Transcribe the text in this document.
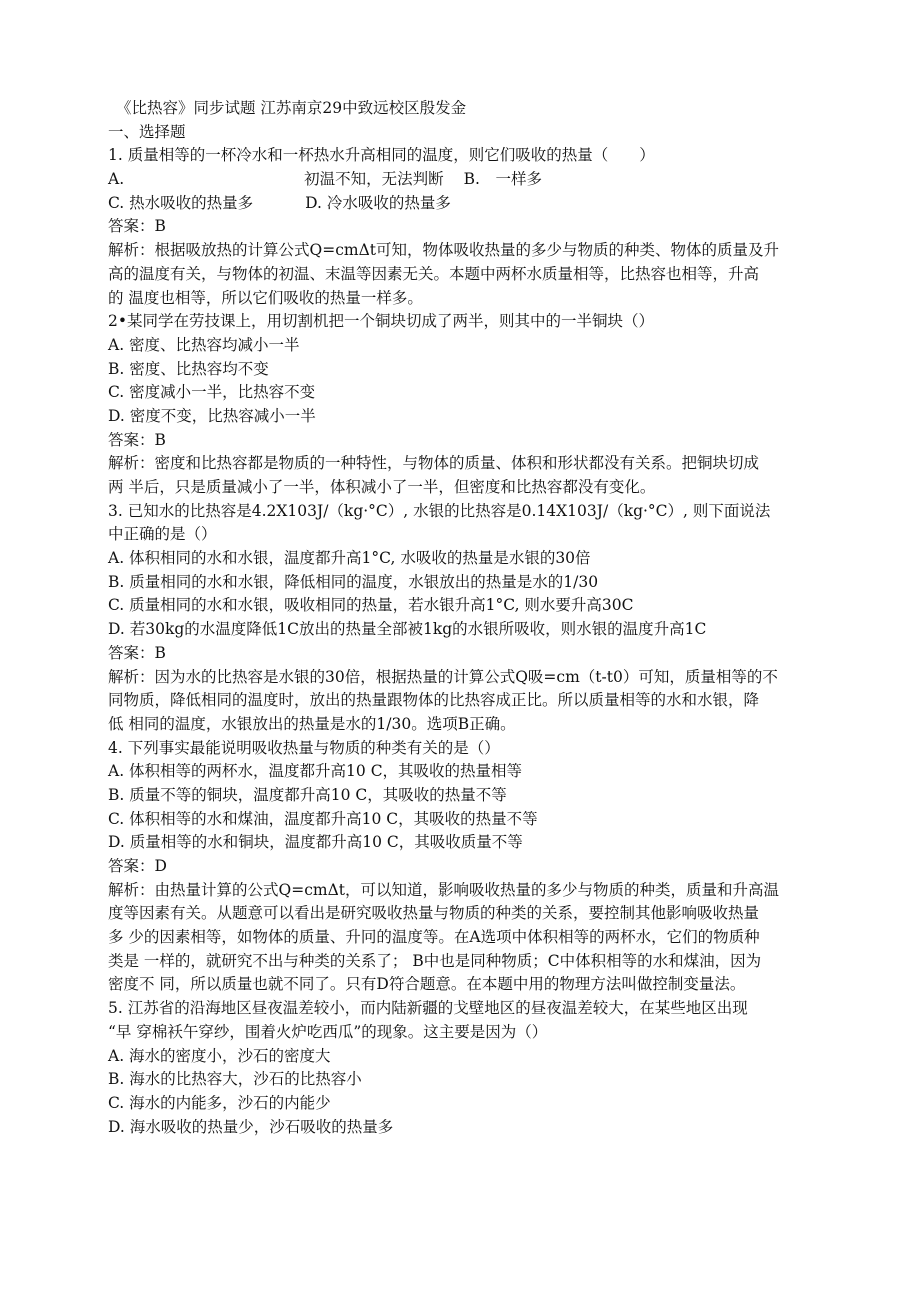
《比热容》同步试题 江苏南京29中致远校区殷发金
一、选择题
1. 质量相等的一杯冷水和一杯热水升高相同的温度，则它们吸收的热量（　　）
A.	初温不知，无法判断 B.　一样多
C. 热水吸收的热量多	D. 冷水吸收的热量多
答案：B
解析：根据吸放热的计算公式Q=cmΔt可知，物体吸收热量的多少与物质的种类、物体的质量及升
高的温度有关，与物体的初温、末温等因素无关。本题中两杯水质量相等，比热容也相等，升高
的 温度也相等，所以它们吸收的热量一样多。
2•某同学在劳技课上，用切割机把一个铜块切成了两半，则其中的一半铜块（）
A. 密度、比热容均减小一半
B. 密度、比热容均不变
C. 密度减小一半，比热容不变
D. 密度不变，比热容减小一半
答案：B
解析：密度和比热容都是物质的一种特性，与物体的质量、体积和形状都没有关系。把铜块切成
两 半后，只是质量减小了一半，体积减小了一半，但密度和比热容都没有变化。
3. 已知水的比热容是4.2X103J/（kg·°C）, 水银的比热容是0.14X103J/（kg·°C）, 则下面说法
中正确的是（）
A. 体积相同的水和水银，温度都升高1°C, 水吸收的热量是水银的30倍
B. 质量相同的水和水银，降低相同的温度，水银放出的热量是水的1/30
C. 质量相同的水和水银，吸收相同的热量，若水银升高1°C, 则水要升高30C
D. 若30kg的水温度降低1C放出的热量全部被1kg的水银所吸收，则水银的温度升高1C
答案：B
解析：因为水的比热容是水银的30倍，根据热量的计算公式Q吸=cm（t-t0）可知，质量相等的不
同物质，降低相同的温度时，放出的热量跟物体的比热容成正比。所以质量相等的水和水银，降
低 相同的温度，水银放出的热量是水的1/30。选项B正确。
4. 下列事实最能说明吸收热量与物质的种类有关的是（）
A. 体积相等的两杯水，温度都升高10 C，其吸收的热量相等
B. 质量不等的铜块，温度都升高10 C，其吸收的热量不等
C. 体积相等的水和煤油，温度都升高10 C，其吸收的热量不等
D. 质量相等的水和铜块，温度都升高10 C，其吸收质量不等
答案：D
解析：由热量计算的公式Q=cmΔt，可以知道，影响吸收热量的多少与物质的种类，质量和升高温
度等因素有关。从题意可以看出是研究吸收热量与物质的种类的关系，要控制其他影响吸收热量
多 少的因素相等，如物体的质量、升冋的温度等。在A选项中体积相等的两杯水，它们的物质种
类是 一样的，就研究不出与种类的关系了； B中也是同种物质；C中体积相等的水和煤油，因为
密度不 同，所以质量也就不同了。只有D符合题意。在本题中用的物理方法叫做控制变量法。
5. 江苏省的沿海地区昼夜温差较小，而内陆新疆的戈壁地区的昼夜温差较大，在某些地区出现
“早 穿棉袄午穿纱，围着火炉吃西瓜”的现象。这主要是因为（）
A. 海水的密度小，沙石的密度大
B. 海水的比热容大，沙石的比热容小
C. 海水的内能多，沙石的内能少
D. 海水吸收的热量少，沙石吸收的热量多
